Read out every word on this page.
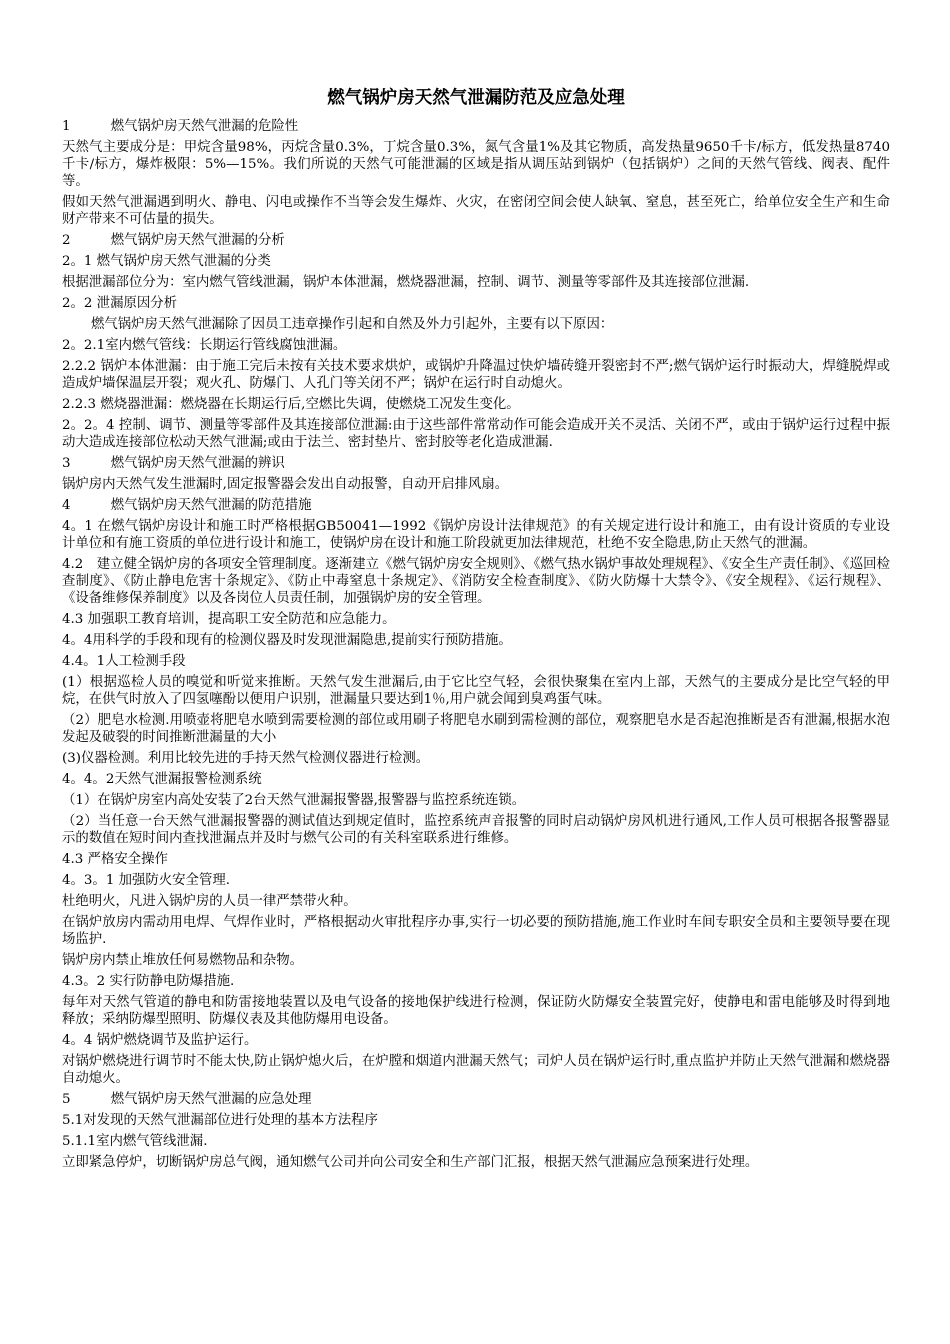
燃气锅炉房天然气泄漏防范及应急处理
1　　　燃气锅炉房天然气泄漏的危险性
天然气主要成分是：甲烷含量98%，丙烷含量0.3%，丁烷含量0.3%，氮气含量1%及其它物质，高发热量9650千卡/标方，低发热量8740千卡/标方，爆炸极限：5%—15%。我们所说的天然气可能泄漏的区域是指从调压站到锅炉（包括锅炉）之间的天然气管线、阀表、配件等。
假如天然气泄漏遇到明火、静电、闪电或操作不当等会发生爆炸、火灾，在密闭空间会使人缺氧、窒息，甚至死亡，给单位安全生产和生命财产带来不可估量的损失。
2　　　燃气锅炉房天然气泄漏的分析
2。1 燃气锅炉房天然气泄漏的分类
根据泄漏部位分为：室内燃气管线泄漏，锅炉本体泄漏，燃烧器泄漏，控制、调节、测量等零部件及其连接部位泄漏.
2。2 泄漏原因分析
燃气锅炉房天然气泄漏除了因员工违章操作引起和自然及外力引起外，主要有以下原因：
2。2.1室内燃气管线：长期运行管线腐蚀泄漏。
2.2.2 锅炉本体泄漏：由于施工完后未按有关技术要求烘炉，或锅炉升降温过快炉墙砖缝开裂密封不严;燃气锅炉运行时振动大，焊缝脱焊或造成炉墙保温层开裂；观火孔、防爆门、人孔门等关闭不严；锅炉在运行时自动熄火。
2.2.3 燃烧器泄漏：燃烧器在长期运行后,空燃比失调，使燃烧工况发生变化。
2。2。4 控制、调节、测量等零部件及其连接部位泄漏:由于这些部件常常动作可能会造成开关不灵活、关闭不严，或由于锅炉运行过程中振动大造成连接部位松动天然气泄漏;或由于法兰、密封垫片、密封胶等老化造成泄漏.
3　　　燃气锅炉房天然气泄漏的辨识
锅炉房内天然气发生泄漏时,固定报警器会发出自动报警，自动开启排风扇。
4　　　燃气锅炉房天然气泄漏的防范措施
4。1 在燃气锅炉房设计和施工时严格根据GB50041—1992《锅炉房设计法律规范》的有关规定进行设计和施工，由有设计资质的专业设计单位和有施工资质的单位进行设计和施工，使锅炉房在设计和施工阶段就更加法律规范，杜绝不安全隐患,防止天然气的泄漏。
4.2　建立健全锅炉房的各项安全管理制度。逐渐建立《燃气锅炉房安全规则》、《燃气热水锅炉事故处理规程》、《安全生产责任制》、《巡回检查制度》、《防止静电危害十条规定》、《防止中毒窒息十条规定》、《消防安全检查制度》、《防火防爆十大禁令》、《安全规程》、《运行规程》、《设备维修保养制度》以及各岗位人员责任制，加强锅炉房的安全管理。
4.3 加强职工教育培训，提高职工安全防范和应急能力。
4。4用科学的手段和现有的检测仪器及时发现泄漏隐患,提前实行预防措施。
4.4。1人工检测手段
(1）根据巡检人员的嗅觉和听觉来推断。天然气发生泄漏后,由于它比空气轻，会很快聚集在室内上部，天然气的主要成分是比空气轻的甲烷，在供气时放入了四氢噻酚以便用户识别，泄漏量只要达到1％,用户就会闻到臭鸡蛋气味。
（2）肥皂水检测.用喷壶将肥皂水喷到需要检测的部位或用刷子将肥皂水刷到需检测的部位，观察肥皂水是否起泡推断是否有泄漏,根据水泡发起及破裂的时间推断泄漏量的大小
(3)仪器检测。利用比较先进的手持天然气检测仪器进行检测。
4。4。2天然气泄漏报警检测系统
（1）在锅炉房室内高处安装了2台天然气泄漏报警器,报警器与监控系统连锁。
（2）当任意一台天然气泄漏报警器的测试值达到规定值时，监控系统声音报警的同时启动锅炉房风机进行通风,工作人员可根据各报警器显示的数值在短时间内查找泄漏点并及时与燃气公司的有关科室联系进行维修。
4.3 严格安全操作
4。3。1 加强防火安全管理.
杜绝明火，凡进入锅炉房的人员一律严禁带火种。
在锅炉放房内需动用电焊、气焊作业时，严格根据动火审批程序办事,实行一切必要的预防措施,施工作业时车间专职安全员和主要领导要在现场监护.
锅炉房内禁止堆放任何易燃物品和杂物。
4.3。2 实行防静电防爆措施.
每年对天然气管道的静电和防雷接地装置以及电气设备的接地保护线进行检测，保证防火防爆安全装置完好，使静电和雷电能够及时得到地释放；采纳防爆型照明、防爆仪表及其他防爆用电设备。
4。4 锅炉燃烧调节及监护运行。
对锅炉燃烧进行调节时不能太快,防止锅炉熄火后，在炉膛和烟道内泄漏天然气；司炉人员在锅炉运行时,重点监护并防止天然气泄漏和燃烧器自动熄火。
5　　　燃气锅炉房天然气泄漏的应急处理
5.1对发现的天然气泄漏部位进行处理的基本方法程序
5.1.1室内燃气管线泄漏.
立即紧急停炉，切断锅炉房总气阀，通知燃气公司并向公司安全和生产部门汇报，根据天然气泄漏应急预案进行处理。
